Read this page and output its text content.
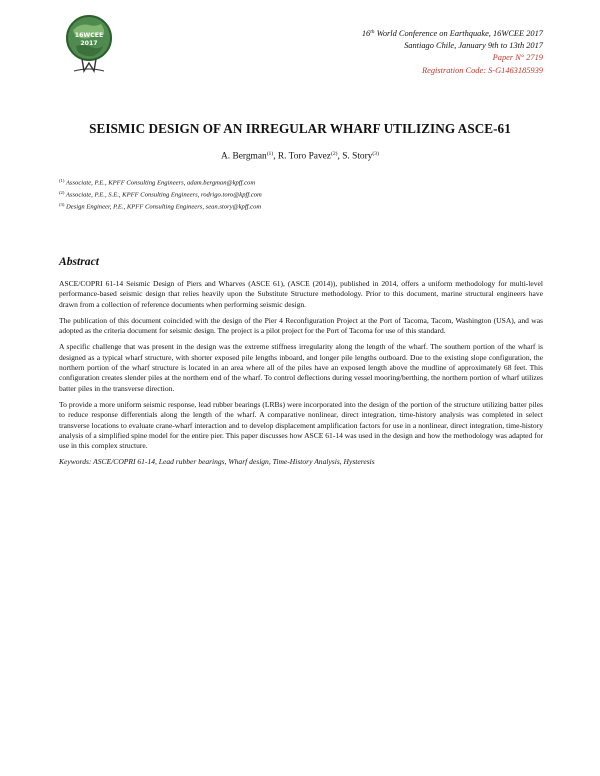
16WCEE
2017
16th World Conference on Earthquake, 16WCEE 2017
Santiago Chile, January 9th to 13th 2017
Paper N° 2719
Registration Code: S-G1463185939
SEISMIC DESIGN OF AN IRREGULAR WHARF UTILIZING ASCE-61
A. Bergman$^{(1)}$, R. Toro Pavez$^{(2)}$, S. Story$^{(3)}$
$^{(1)}$ Associate, P.E., KPFF Consulting Engineers, adam.bergman@kpff.com
$^{(2)}$ Associate, P.E., S.E., KPFF Consulting Engineers, rodrigo.toro@kpff.com
$^{(3)}$ Design Engineer, P.E., KPFF Consulting Engineers, sean.story@kpff.com
Abstract

ASCE/COPRI 61-14 Seismic Design of Piers and Wharves (ASCE 61), (ASCE (2014)), published in 2014, offers a uniform methodology for multi-level performance-based seismic design that relies heavily upon the Substitute Structure methodology. Prior to this document, marine structural engineers have drawn from a collection of reference documents when performing seismic design.

The publication of this document coincided with the design of the Pier 4 Reconfiguration Project at the Port of Tacoma, Tacom, Washington (USA), and was adopted as the criteria document for seismic design. The project is a pilot project for the Port of Tacoma for use of this standard.

A specific challenge that was present in the design was the extreme stiffness irregularity along the length of the wharf. The southern portion of the wharf is designed as a typical wharf structure, with shorter exposed pile lengths inboard, and longer pile lengths outboard. Due to the existing slope configuration, the northern portion of the wharf structure is located in an area where all of the piles have an exposed length above the mudline of approximately 68 feet. This configuration creates slender piles at the northern end of the wharf. To control deflections during vessel mooring/berthing, the northern portion of wharf utilizes batter piles in the transverse direction.

To provide a more uniform seismic response, lead rubber bearings (LRBs) were incorporated into the design of the portion of the structure utilizing batter piles to reduce response differentials along the length of the wharf. A comparative nonlinear, direct integration, time-history analysis was completed in select transverse locations to evaluate crane-wharf interaction and to develop displacement amplification factors for use in a nonlinear, direct integration, time-history analysis of a simplified spine model for the entire pier. This paper discusses how ASCE 61-14 was used in the design and how the methodology was adapted for use in this complex structure.

Keywords: ASCE/COPRI 61-14, Lead rubber bearings, Wharf design, Time-History Analysis, Hysteresis
